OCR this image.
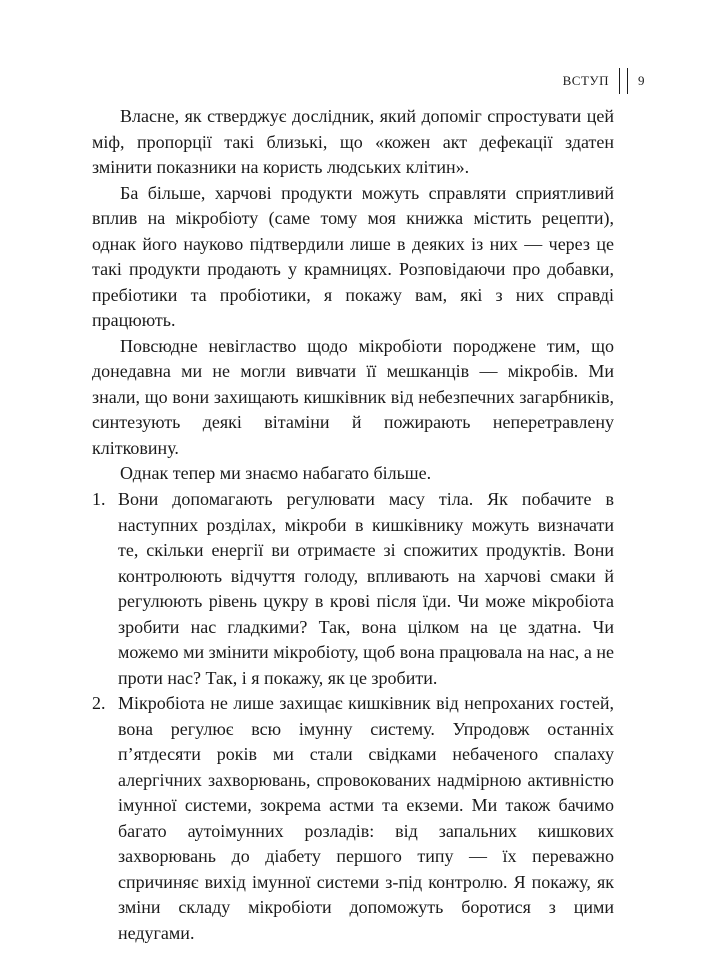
ВСТУП 9

Власне, як стверджує дослідник, який допоміг спростувати цей міф, пропорції такі близькі, що «кожен акт дефекації здатен змінити показники на користь людських клітин».

Ба більше, харчові продукти можуть справляти сприятливий вплив на мікробіоту (саме тому моя книжка містить рецепти), однак його науково підтвердили лише в деяких із них — через це такі продукти продають у крамницях. Розповідаючи про добавки, пребіотики та пробіотики, я покажу вам, які з них справді працюють.

Повсюдне невігластво щодо мікробіоти породжене тим, що донедавна ми не могли вивчати її мешканців — мікробів. Ми знали, що вони захищають кишківник від небезпечних загарбників, синтезують деякі вітаміни й пожирають неперетравлену клітковину.

Однак тепер ми знаємо набагато більше.

1. Вони допомагають регулювати масу тіла. Як побачите в наступних розділах, мікроби в кишківнику можуть визначати те, скільки енергії ви отримаєте зі спожитих продуктів. Вони контролюють відчуття голоду, впливають на харчові смаки й регулюють рівень цукру в крові після їди. Чи може мікробіота зробити нас гладкими? Так, вона цілком на це здатна. Чи можемо ми змінити мікробіоту, щоб вона працювала на нас, а не проти нас? Так, і я покажу, як це зробити.
2. Мікробіота не лише захищає кишківник від непроханих гостей, вона регулює всю імунну систему. Упродовж останніх п’ятдесяти років ми стали свідками небаченого спалаху алергічних захворювань, спровокованих надмірною активністю імунної системи, зокрема астми та екземи. Ми також бачимо багато аутоімунних розладів: від запальних кишкових захворювань до діабету першого типу — їх переважно спричиняє вихід імунної системи з-під контролю. Я покажу, як зміни складу мікробіоти допоможуть боротися з цими недугами.
